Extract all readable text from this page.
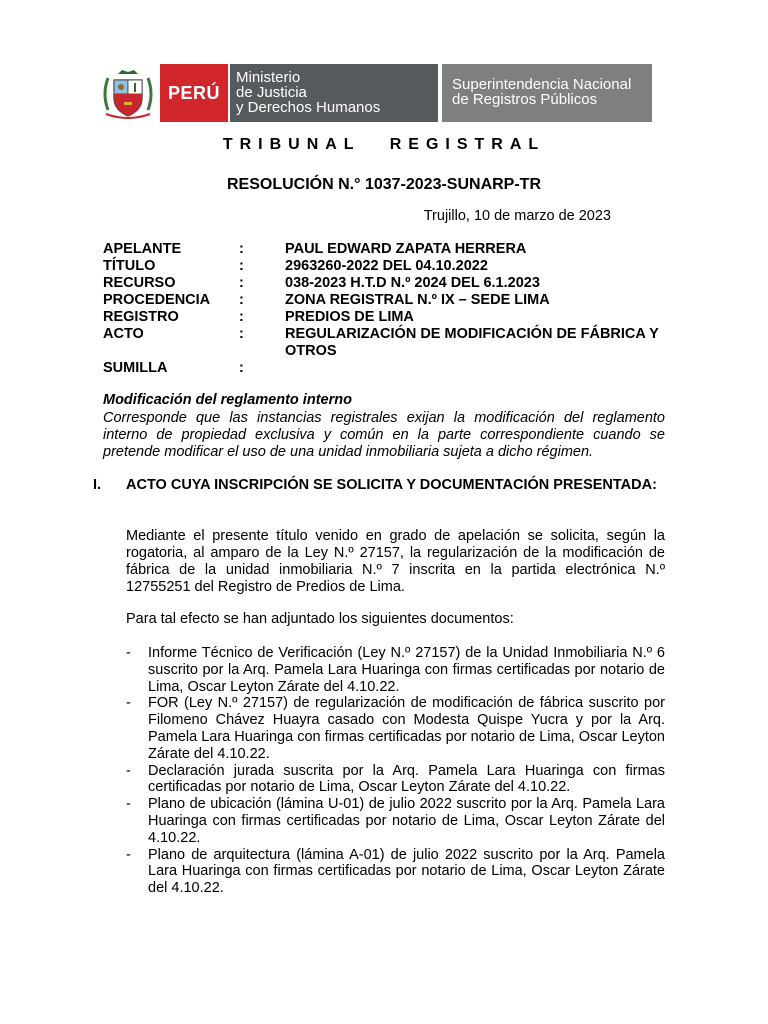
PERÚ
Ministerio
de Justicia
y Derechos Humanos
Superintendencia Nacional
de Registros Públicos
TRIBUNAL REGISTRAL
RESOLUCIÓN N.° 1037-2023-SUNARP-TR
Trujillo, 10 de marzo de 2023
APELANTE	:	PAUL EDWARD ZAPATA HERRERA
TÍTULO	:	2963260-2022 DEL 04.10.2022
RECURSO	:	038-2023 H.T.D N.º 2024 DEL 6.1.2023
PROCEDENCIA :	ZONA REGISTRAL N.º IX – SEDE LIMA
REGISTRO	:	PREDIOS DE LIMA
ACTO	:	REGULARIZACIÓN DE MODIFICACIÓN DE FÁBRICA Y OTROS
SUMILLA	:
Modificación del reglamento interno
Corresponde que las instancias registrales exijan la modificación del reglamento interno de propiedad exclusiva y común en la parte correspondiente cuando se pretende modificar el uso de una unidad inmobiliaria sujeta a dicho régimen.
I. ACTO CUYA INSCRIPCIÓN SE SOLICITA Y DOCUMENTACIÓN PRESENTADA:
Mediante el presente título venido en grado de apelación se solicita, según la rogatoria, al amparo de la Ley N.º 27157, la regularización de la modificación de fábrica de la unidad inmobiliaria N.º 7 inscrita en la partida electrónica N.º 12755251 del Registro de Predios de Lima.
Para tal efecto se han adjuntado los siguientes documentos:
- Informe Técnico de Verificación (Ley N.º 27157) de la Unidad Inmobiliaria N.º 6 suscrito por la Arq. Pamela Lara Huaringa con firmas certificadas por notario de Lima, Oscar Leyton Zárate del 4.10.22.
- FOR (Ley N.º 27157) de regularización de modificación de fábrica suscrito por Filomeno Chávez Huayra casado con Modesta Quispe Yucra y por la Arq. Pamela Lara Huaringa con firmas certificadas por notario de Lima, Oscar Leyton Zárate del 4.10.22.
- Declaración jurada suscrita por la Arq. Pamela Lara Huaringa con firmas certificadas por notario de Lima, Oscar Leyton Zárate del 4.10.22.
- Plano de ubicación (lámina U-01) de julio 2022 suscrito por la Arq. Pamela Lara Huaringa con firmas certificadas por notario de Lima, Oscar Leyton Zárate del 4.10.22.
- Plano de arquitectura (lámina A-01) de julio 2022 suscrito por la Arq. Pamela Lara Huaringa con firmas certificadas por notario de Lima, Oscar Leyton Zárate del 4.10.22.
